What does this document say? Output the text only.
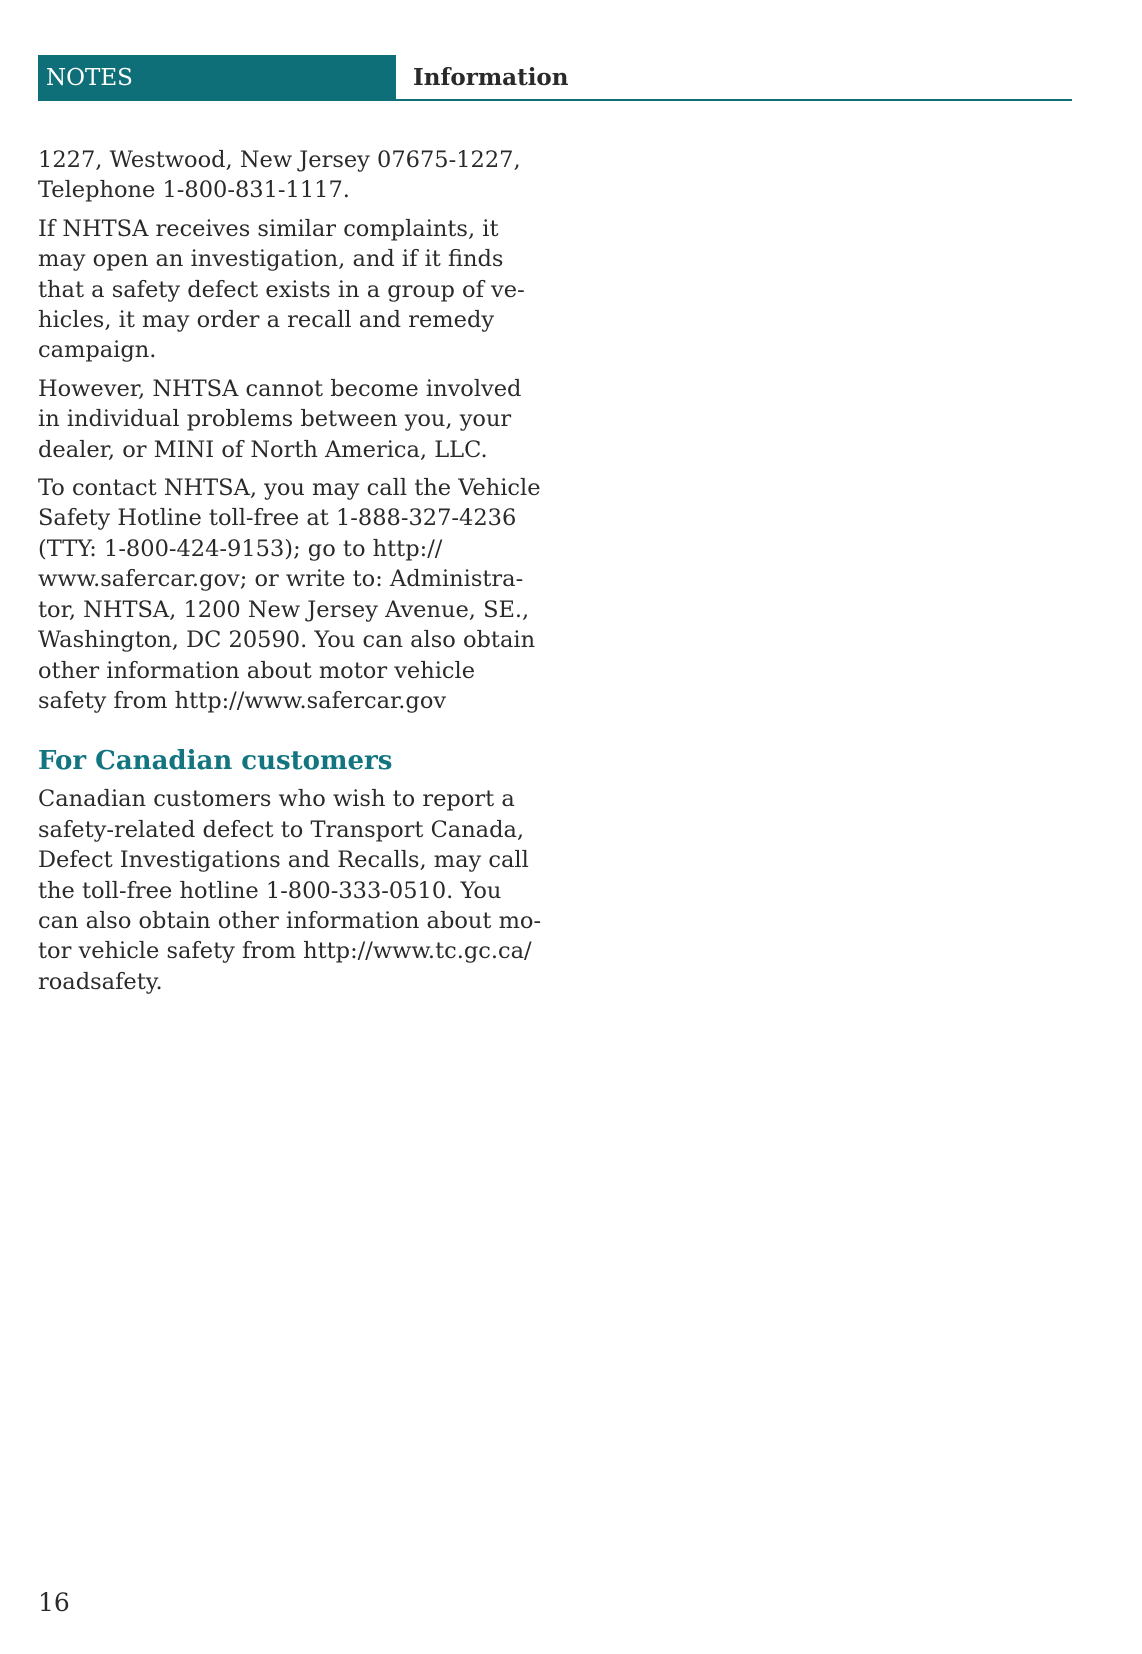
NOTES	Information

1227, Westwood, New Jersey 07675-1227,
Telephone 1-800-831-1117.

If NHTSA receives similar complaints, it
may open an investigation, and if it finds
that a safety defect exists in a group of ve-
hicles, it may order a recall and remedy
campaign.

However, NHTSA cannot become involved
in individual problems between you, your
dealer, or MINI of North America, LLC.

To contact NHTSA, you may call the Vehicle
Safety Hotline toll-free at 1-888-327-4236
(TTY: 1-800-424-9153); go to http://
www.safercar.gov; or write to: Administra-
tor, NHTSA, 1200 New Jersey Avenue, SE.,
Washington, DC 20590. You can also obtain
other information about motor vehicle
safety from http://www.safercar.gov

For Canadian customers

Canadian customers who wish to report a
safety-related defect to Transport Canada,
Defect Investigations and Recalls, may call
the toll-free hotline 1-800-333-0510. You
can also obtain other information about mo-
tor vehicle safety from http://www.tc.gc.ca/
roadsafety.

16
